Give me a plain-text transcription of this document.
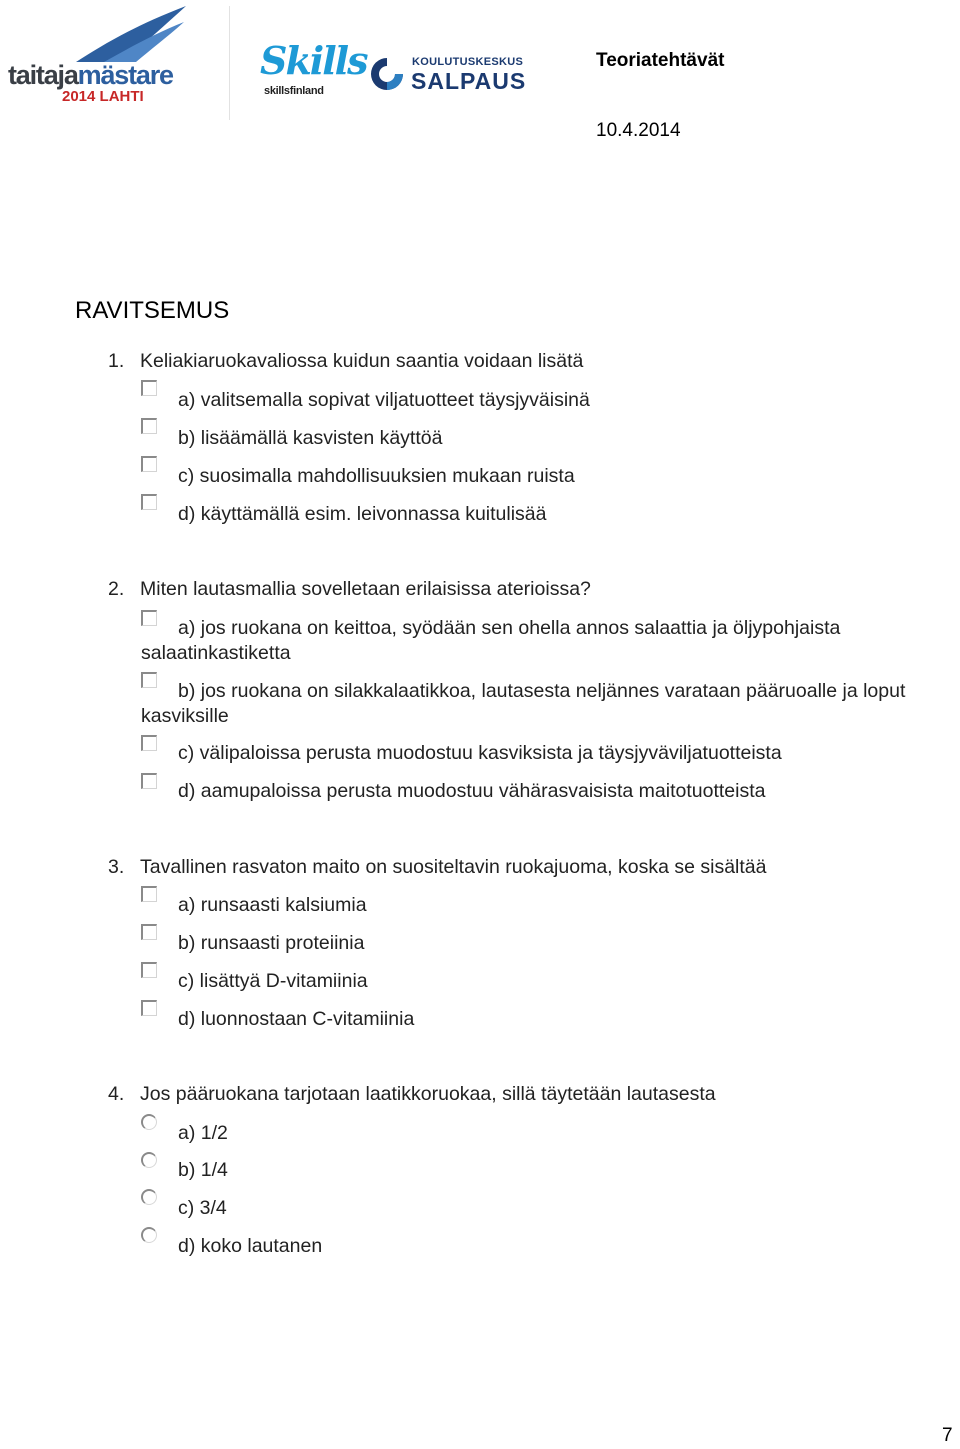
taitajamästare
2014 LAHTI
Skills
skillsfinland
KOULUTUSKESKUS
SALPAUS
Teoriatehtävät
10.4.2014
RAVITSEMUS
1. Keliakiaruokavaliossa kuidun saantia voidaan lisätä
a) valitsemalla sopivat viljatuotteet täysjyväisinä
b) lisäämällä kasvisten käyttöä
c) suosimalla mahdollisuuksien mukaan ruista
d) käyttämällä esim. leivonnassa kuitulisää
2. Miten lautasmallia sovelletaan erilaisissa aterioissa?
a) jos ruokana on keittoa, syödään sen ohella annos salaattia ja öljypohjaista salaatinkastiketta
b) jos ruokana on silakkalaatikkoa, lautasesta neljännes varataan pääruoalle ja loput kasviksille
c) välipaloissa perusta muodostuu kasviksista ja täysjyväviljatuotteista
d) aamupaloissa perusta muodostuu vähärasvaisista maitotuotteista
3. Tavallinen rasvaton maito on suositeltavin ruokajuoma, koska se sisältää
a) runsaasti kalsiumia
b) runsaasti proteiinia
c) lisättyä D-vitamiinia
d) luonnostaan C-vitamiinia
4. Jos pääruokana tarjotaan laatikkoruokaa, sillä täytetään lautasesta
a) 1/2
b) 1/4
c) 3/4
d) koko lautanen
7
